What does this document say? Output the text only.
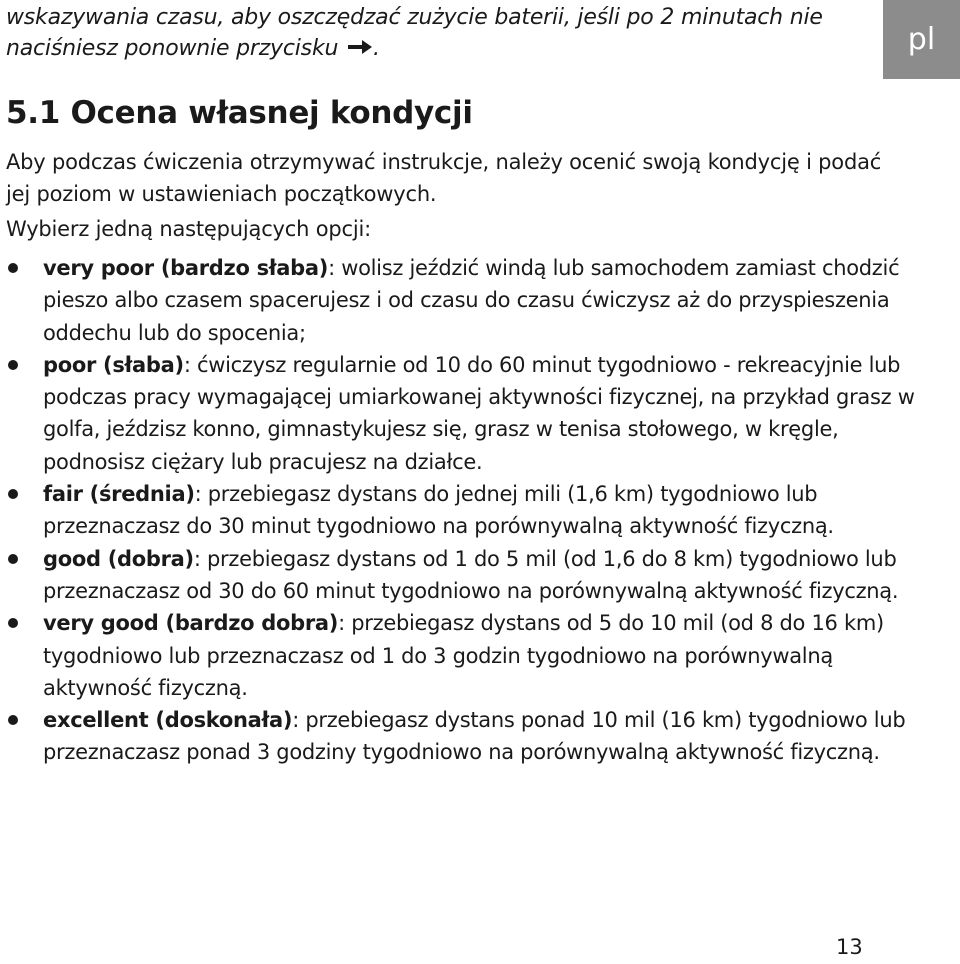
wskazywania czasu, aby oszczędzać zużycie baterii, jeśli po 2 minutach nie naciśniesz ponownie przycisku .	pl
5.1 Ocena własnej kondycji
Aby podczas ćwiczenia otrzymywać instrukcje, należy ocenić swoją kondycję i podać jej poziom w ustawieniach początkowych.
Wybierz jedną następujących opcji:
very poor (bardzo słaba): wolisz jeździć windą lub samochodem zamiast chodzić pieszo albo czasem spacerujesz i od czasu do czasu ćwiczysz aż do przyspieszenia oddechu lub do spocenia;
poor (słaba): ćwiczysz regularnie od 10 do 60 minut tygodniowo - rekreacyjnie lub podczas pracy wymagającej umiarkowanej aktywności fizycznej, na przykład grasz w golfa, jeździsz konno, gimnastykujesz się, grasz w tenisa stołowego, w kręgle, podnosisz ciężary lub pracujesz na działce.
fair (średnia): przebiegasz dystans do jednej mili (1,6 km) tygodniowo lub przeznaczasz do 30 minut tygodniowo na porównywalną aktywność fizyczną.
good (dobra): przebiegasz dystans od 1 do 5 mil (od 1,6 do 8 km) tygodniowo lub przeznaczasz od 30 do 60 minut tygodniowo na porównywalną aktywność fizyczną.
very good (bardzo dobra): przebiegasz dystans od 5 do 10 mil (od 8 do 16 km) tygodniowo lub przeznaczasz od 1 do 3 godzin tygodniowo na porównywalną aktywność fizyczną.
excellent (doskonała): przebiegasz dystans ponad 10 mil (16 km) tygodniowo lub przeznaczasz ponad 3 godziny tygodniowo na porównywalną aktywność fizyczną.
13
